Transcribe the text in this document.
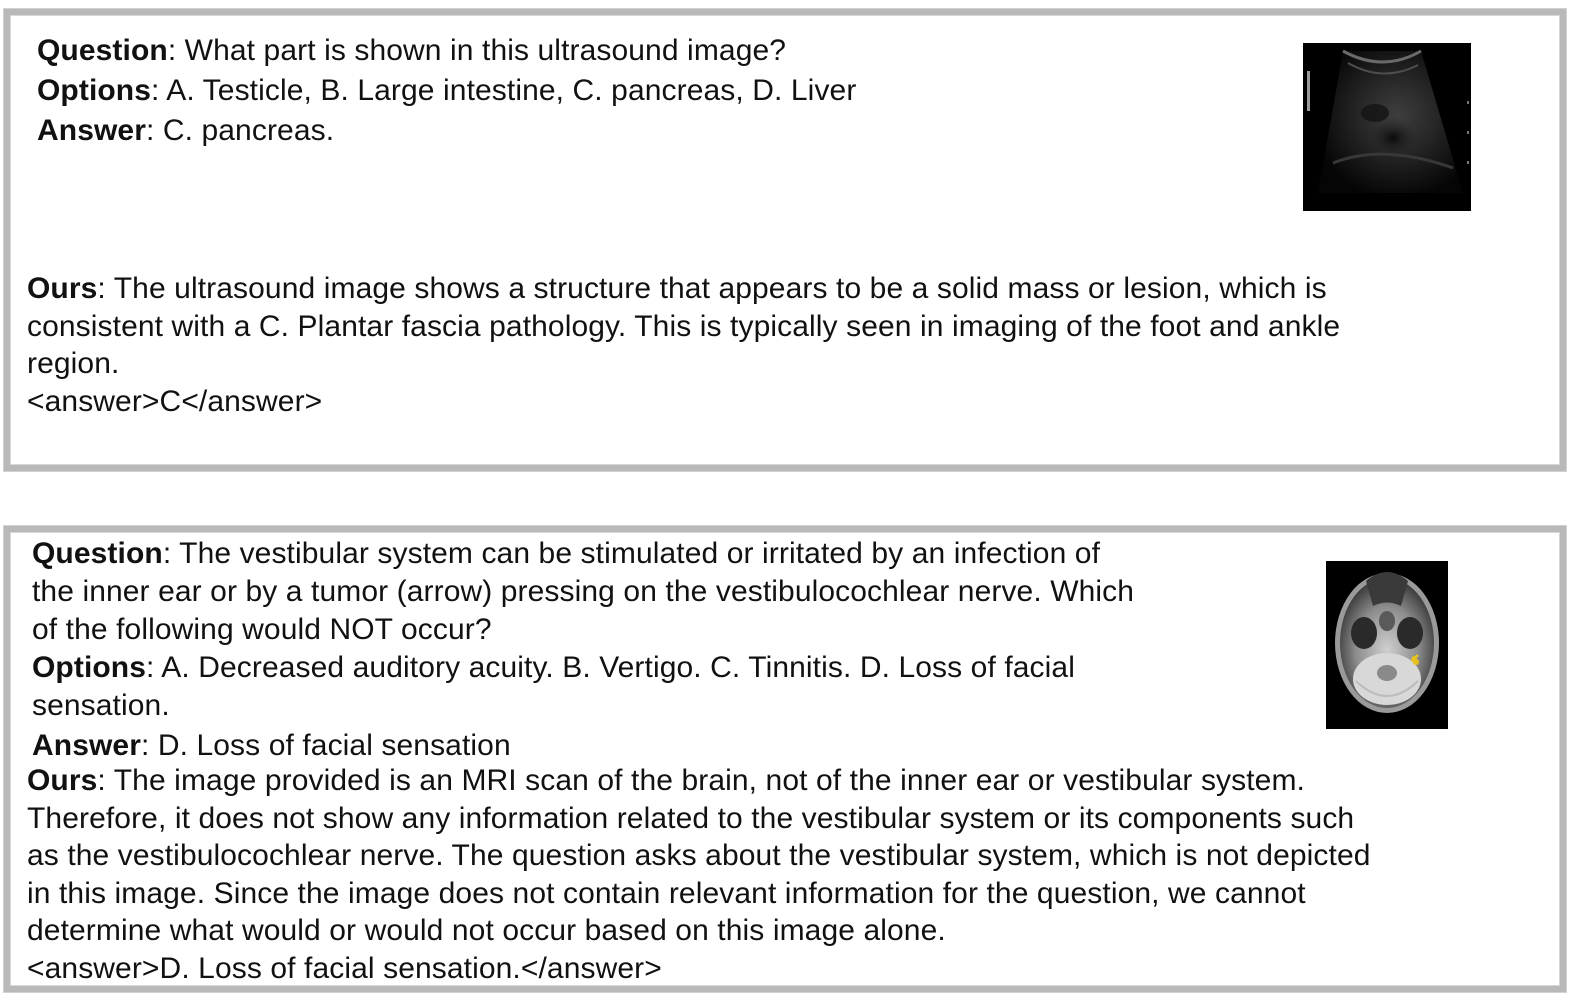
Question: What part is shown in this ultrasound image?
Options: A. Testicle, B. Large intestine, C. pancreas, D. Liver
Answer: C. pancreas.
Ours: The ultrasound image shows a structure that appears to be a solid mass or lesion, which is
consistent with a C. Plantar fascia pathology. This is typically seen in imaging of the foot and ankle
region.
<answer>C</answer>
Question: The vestibular system can be stimulated or irritated by an infection of
the inner ear or by a tumor (arrow) pressing on the vestibulocochlear nerve. Which
of the following would NOT occur?
Options: A. Decreased auditory acuity. B. Vertigo. C. Tinnitis. D. Loss of facial
sensation.
Answer: D. Loss of facial sensation
Ours: The image provided is an MRI scan of the brain, not of the inner ear or vestibular system.
Therefore, it does not show any information related to the vestibular system or its components such
as the vestibulocochlear nerve. The question asks about the vestibular system, which is not depicted
in this image. Since the image does not contain relevant information for the question, we cannot
determine what would or would not occur based on this image alone.
<answer>D. Loss of facial sensation.</answer>
